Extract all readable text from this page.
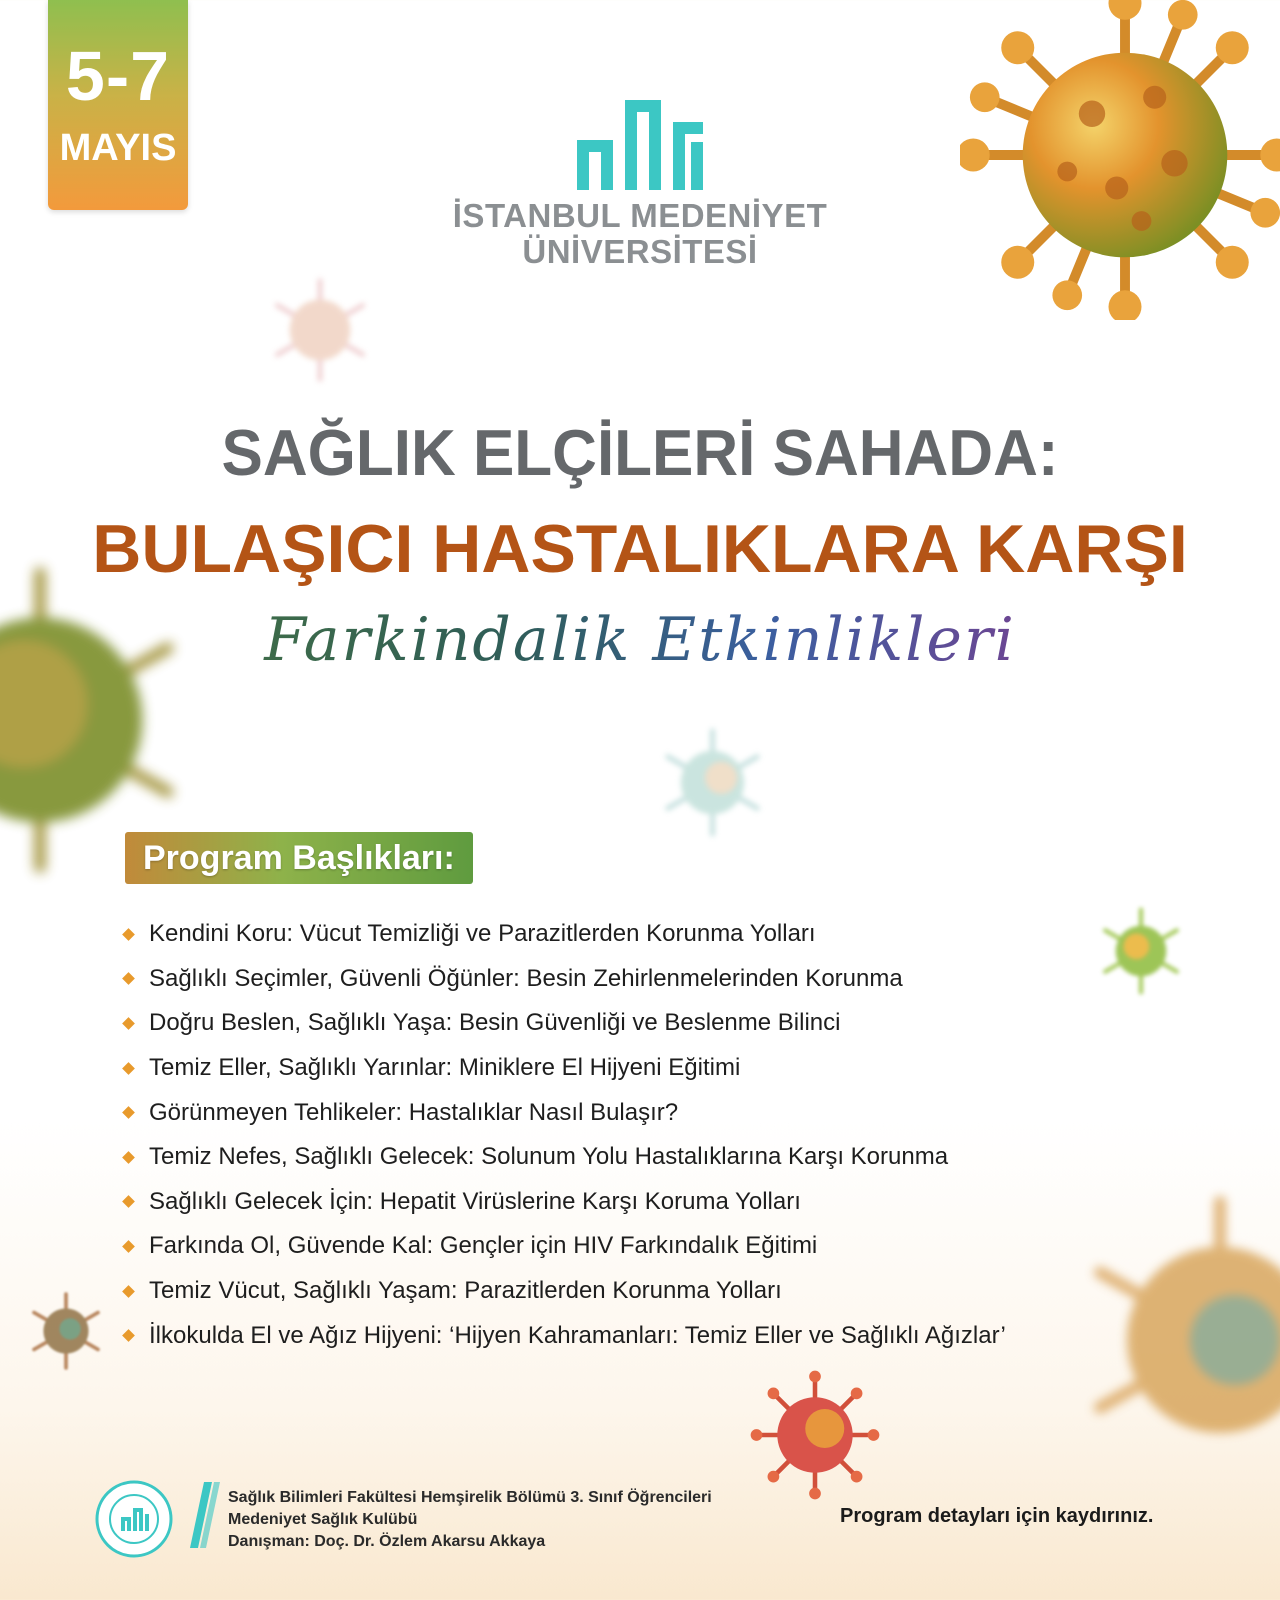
5-7
MAYIS
İSTANBUL MEDENİYET
ÜNİVERSİTESİ
SAĞLIK ELÇİLERİ SAHADA:
BULAŞICI HASTALIKLARA KARŞI
Farkindalik Etkinlikleri
Program Başlıkları:
Kendini Koru: Vücut Temizliği ve Parazitlerden Korunma Yolları
Sağlıklı Seçimler, Güvenli Öğünler: Besin Zehirlenmelerinden Korunma
Doğru Beslen, Sağlıklı Yaşa: Besin Güvenliği ve Beslenme Bilinci
Temiz Eller, Sağlıklı Yarınlar: Miniklere El Hijyeni Eğitimi
Görünmeyen Tehlikeler: Hastalıklar Nasıl Bulaşır?
Temiz Nefes, Sağlıklı Gelecek: Solunum Yolu Hastalıklarına Karşı Korunma
Sağlıklı Gelecek İçin: Hepatit Virüslerine Karşı Koruma Yolları
Farkında Ol, Güvende Kal: Gençler için HIV Farkındalık Eğitimi
Temiz Vücut, Sağlıklı Yaşam: Parazitlerden Korunma Yolları
İlkokulda El ve Ağız Hijyeni: ‘Hijyen Kahramanları: Temiz Eller ve Sağlıklı Ağızlar’
Sağlık Bilimleri Fakültesi Hemşirelik Bölümü 3. Sınıf Öğrencileri
Medeniyet Sağlık Kulübü
Danışman: Doç. Dr. Özlem Akarsu Akkaya
Program detayları için kaydırınız.
